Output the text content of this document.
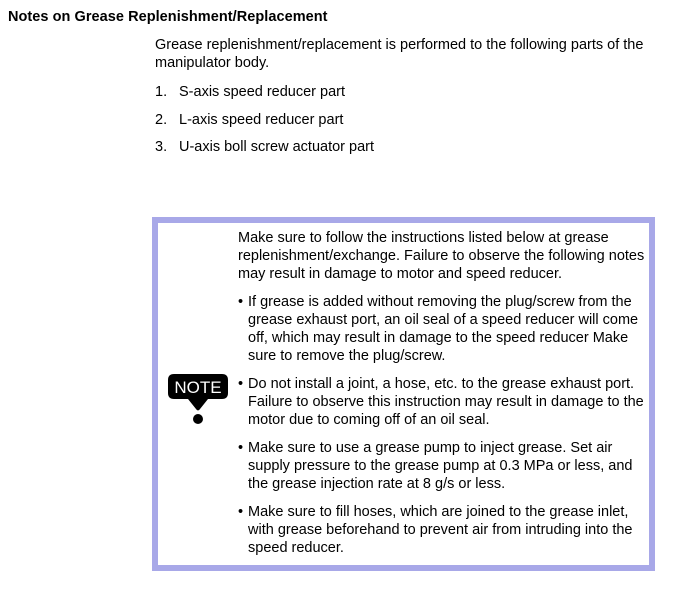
Notes on Grease Replenishment/Replacement

Grease replenishment/replacement is performed to the following parts of the manipulator body.

1. S-axis speed reducer part
2. L-axis speed reducer part
3. U-axis boll screw actuator part
NOTE

Make sure to follow the instructions listed below at grease replenishment/exchange. Failure to observe the following notes may result in damage to motor and speed reducer.

• If grease is added without removing the plug/screw from the grease exhaust port, an oil seal of a speed reducer will come off, which may result in damage to the speed reducer Make sure to remove the plug/screw.
• Do not install a joint, a hose, etc. to the grease exhaust port. Failure to observe this instruction may result in damage to the motor due to coming off of an oil seal.
• Make sure to use a grease pump to inject grease. Set air supply pressure to the grease pump at 0.3 MPa or less, and the grease injection rate at 8 g/s or less.
• Make sure to fill hoses, which are joined to the grease inlet, with grease beforehand to prevent air from intruding into the speed reducer.
